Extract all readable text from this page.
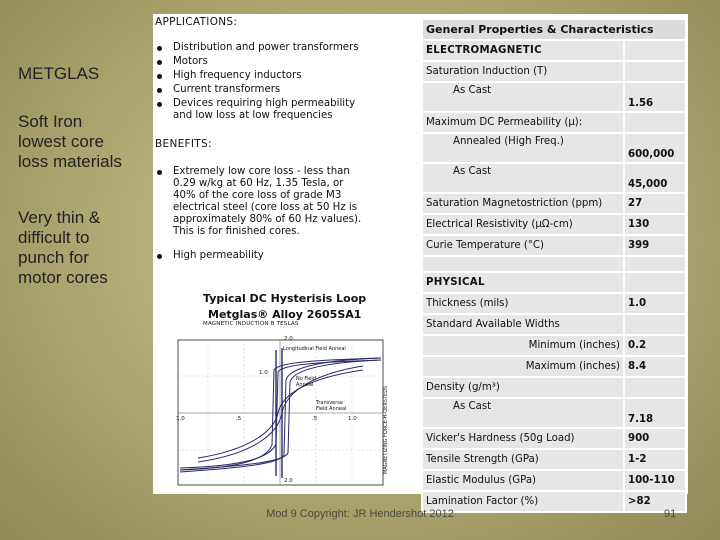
METGLAS
Soft Iron
lowest core
loss materials
Very thin &
difficult to
punch for
motor cores
APPLICATIONS:
Distribution and power transformers
Motors
High frequency inductors
Current transformers
Devices requiring high permeability
and low loss at low frequencies
BENEFITS:
Extremely low core loss - less than
0.29 w/kg at 60 Hz, 1.35 Tesla, or
40% of the core loss of grade M3
electrical steel (core loss at 50 Hz is
approximately 80% of 60 Hz values).
This is for finished cores.
High permeability
Typical DC Hysterisis Loop
Metglas® Alloy 2605SA1
MAGNETIC INDUCTION B TESLAS
2.0
1.0
2.0
1.0	.5	.5	1.0
Longitudinal Field Anneal
No Field Anneal
Transverse Field Anneal	MAGNETIZING FORCE-H-OERSTEDS
General Properties & Characteristics	
ELECTROMAGNETIC	
Saturation Induction (T)	
As Cast	1.56
Maximum DC Permeability (µ):	
Annealed (High Freq.)	600,000
As Cast	45,000
Saturation Magnetostriction (ppm)	27
Electrical Resistivity (µΩ-cm)	130
Curie Temperature (°C)	399

PHYSICAL	
Thickness (mils)	1.0
Standard Available Widths	
Minimum (inches)	0.2
Maximum (inches)	8.4
Density (g/m³)	
As Cast	7.18
Vicker's Hardness (50g Load)	900
Tensile Strength (GPa)	1-2
Elastic Modulus (GPa)	100-110
Lamination Factor (%)	>82
Mod 9 Copyright: JR Hendershot 2012	91
